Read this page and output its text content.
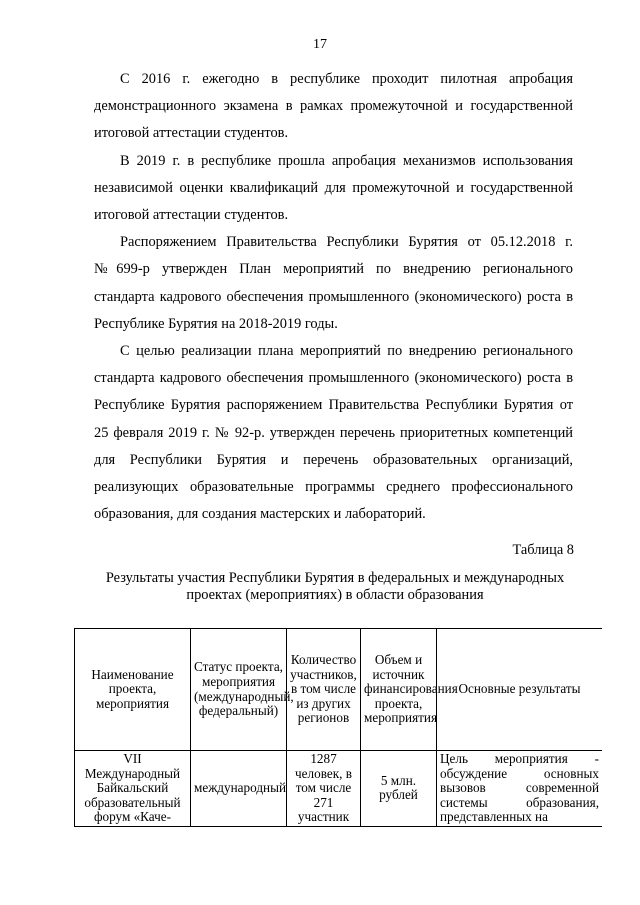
17

С 2016 г. ежегодно в республике проходит пилотная апробация демонстрационного экзамена в рамках промежуточной и государственной итоговой аттестации студентов.

В 2019 г. в республике прошла апробация механизмов использования независимой оценки квалификаций для промежуточной и государственной итоговой аттестации студентов.

Распоряжением Правительства Республики Бурятия от 05.12.2018 г. №699-р утвержден План мероприятий по внедрению регионального стандарта кадрового обеспечения промышленного (экономического) роста в Республике Бурятия на 2018-2019 годы.

С целью реализации плана мероприятий по внедрению регионального стандарта кадрового обеспечения промышленного (экономического) роста в Республике Бурятия распоряжением Правительства Республики Бурятия от 25 февраля 2019 г. № 92-р. утвержден перечень приоритетных компетенций для Республики Бурятия и перечень образовательных организаций, реализующих образовательные программы среднего профессионального образования, для создания мастерских и лабораторий.

Таблица 8
Результаты участия Республики Бурятия в федеральных и международных проектах (мероприятиях) в области образования
Наименование проекта, мероприятия	Статус проекта, мероприятия (международный, федеральный)	Количество участников, в том числе из других регионов	Объем и источник финансирования проекта, мероприятия	Основные результаты
VII Международный Байкальский образовательный форум «Каче-	международный	1287 человек, в том числе 271 участник	5 млн. рублей	Цель мероприятия - обсуждение основных вызовов современной системы образования, представленных на
